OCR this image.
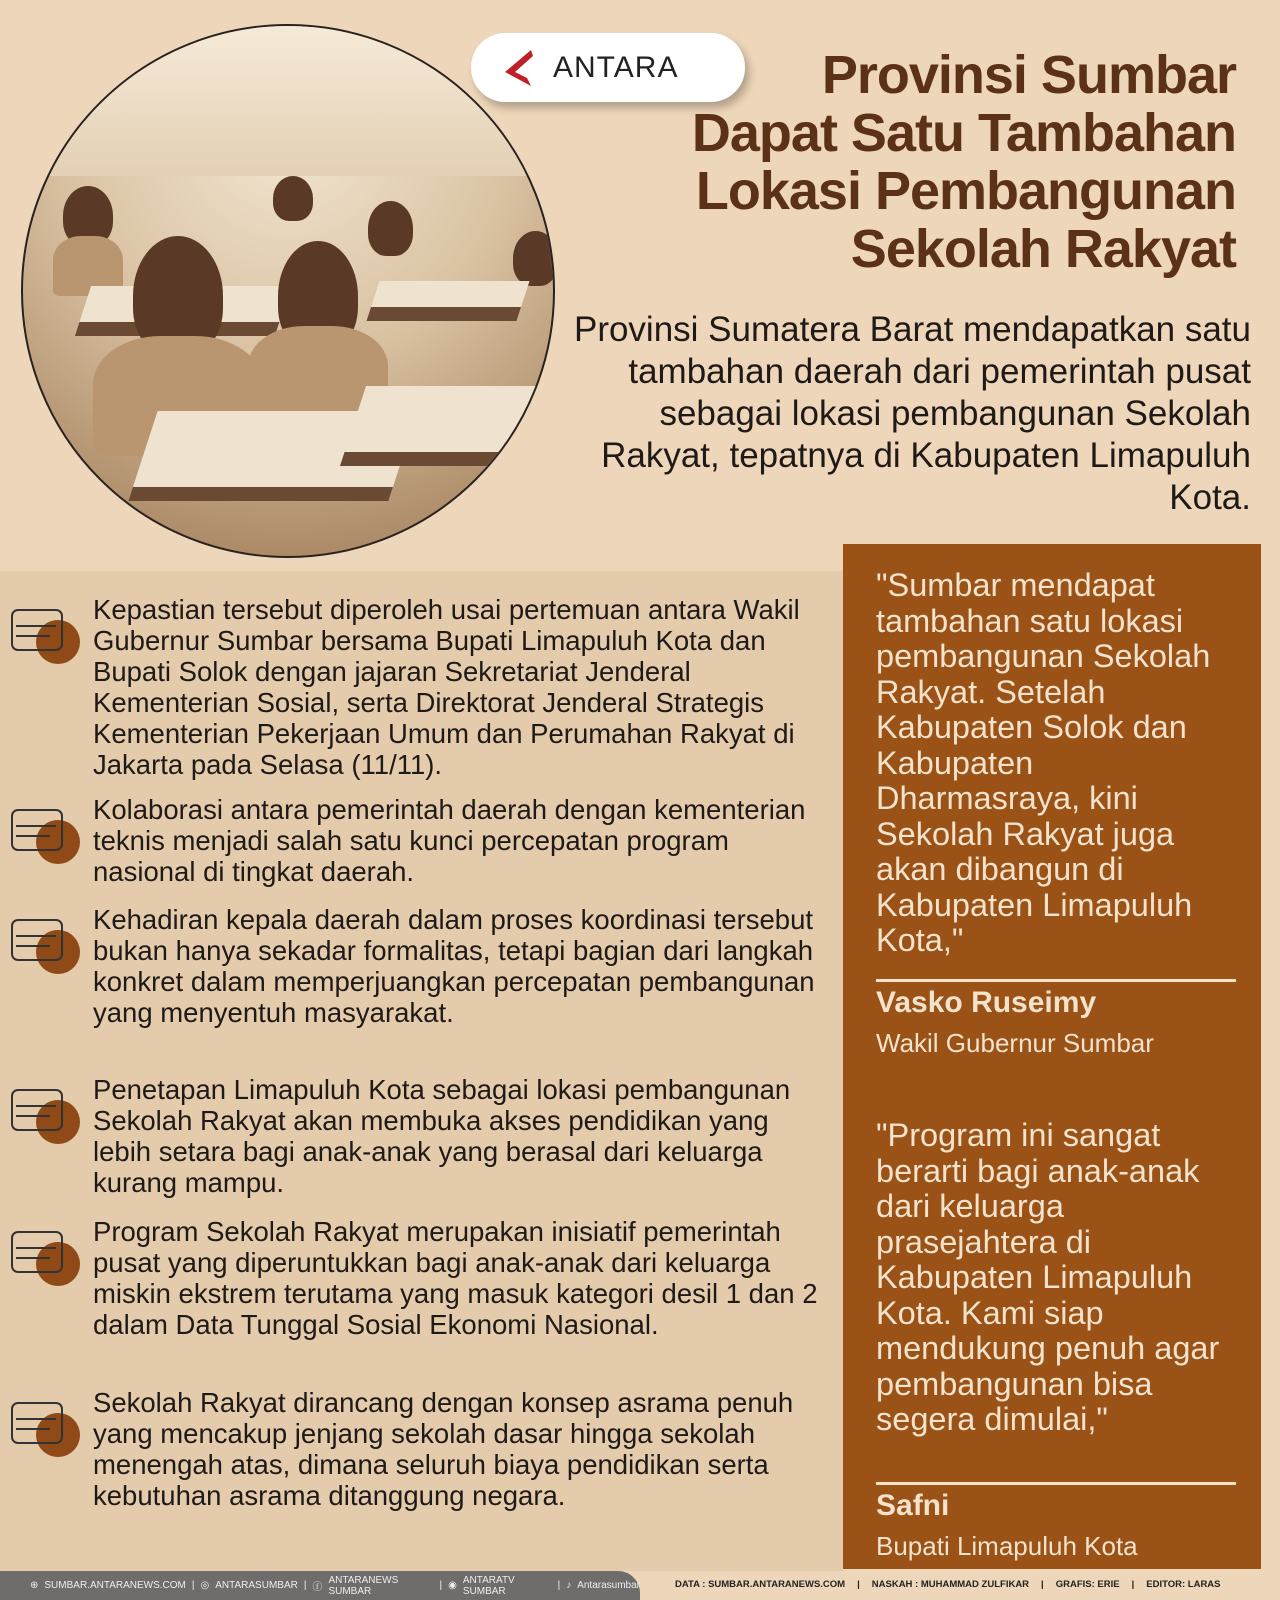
ANTARA	Provinsi Sumbar
Dapat Satu Tambahan
Lokasi Pembangunan
Sekolah Rakyat
Provinsi Sumatera Barat mendapatkan satu tambahan daerah dari pemerintah pusat sebagai lokasi pembangunan Sekolah Rakyat, tepatnya di Kabupaten Limapuluh Kota.
Kepastian tersebut diperoleh usai pertemuan antara Wakil Gubernur Sumbar bersama Bupati Limapuluh Kota dan Bupati Solok dengan jajaran Sekretariat Jenderal Kementerian Sosial, serta Direktorat Jenderal Strategis Kementerian Pekerjaan Umum dan Perumahan Rakyat di Jakarta pada Selasa (11/11).
Kolaborasi antara pemerintah daerah dengan kementerian teknis menjadi salah satu kunci percepatan program nasional di tingkat daerah.
Kehadiran kepala daerah dalam proses koordinasi tersebut bukan hanya sekadar formalitas, tetapi bagian dari langkah konkret dalam memperjuangkan percepatan pembangunan yang menyentuh masyarakat.
Penetapan Limapuluh Kota sebagai lokasi pembangunan Sekolah Rakyat akan membuka akses pendidikan yang lebih setara bagi anak-anak yang berasal dari keluarga kurang mampu.
Program Sekolah Rakyat merupakan inisiatif pemerintah pusat yang diperuntukkan bagi anak-anak dari keluarga miskin ekstrem terutama yang masuk kategori desil 1 dan 2 dalam Data Tunggal Sosial Ekonomi Nasional.
Sekolah Rakyat dirancang dengan konsep asrama penuh yang mencakup jenjang sekolah dasar hingga sekolah menengah atas, dimana seluruh biaya pendidikan serta kebutuhan asrama ditanggung negara.
"Sumbar mendapat tambahan satu lokasi pembangunan Sekolah Rakyat. Setelah Kabupaten Solok dan Kabupaten Dharmasraya, kini Sekolah Rakyat juga akan dibangun di Kabupaten Limapuluh Kota,"
Vasko Ruseimy
Wakil Gubernur Sumbar
"Program ini sangat berarti bagi anak-anak dari keluarga prasejahtera di Kabupaten Limapuluh Kota. Kami siap mendukung penuh agar pembangunan bisa segera dimulai,"
Safni
Bupati Limapuluh Kota
⊕ SUMBAR.ANTARANEWS.COM | ◎ ANTARASUMBAR | ⓕ
ANTARANEWS SUMBAR	| ◉ ANTARATV SUMBAR	| ♪ Antarasumbar	DATA : SUMBAR.ANTARANEWS.COM | NASKAH : MUHAMMAD ZULFIKAR | GRAFIS: ERIE | EDITOR: LARAS
